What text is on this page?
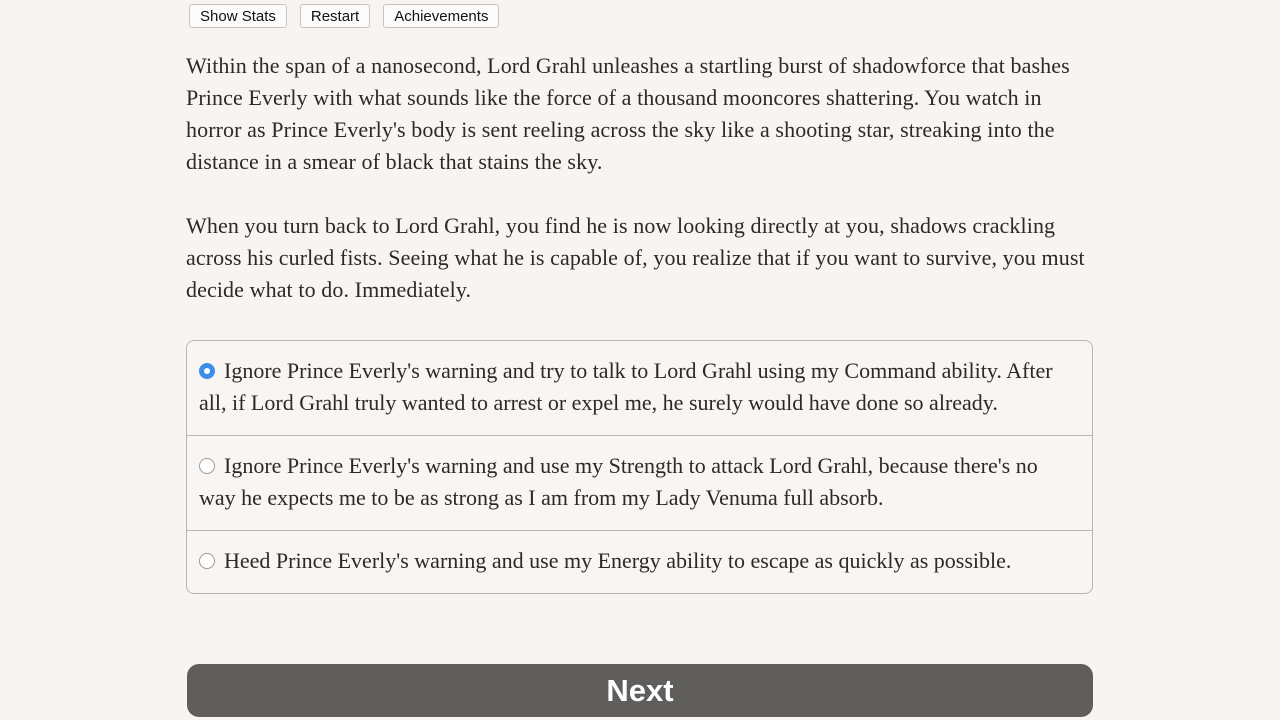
Show Stats	Restart	Achievements

Within the span of a nanosecond, Lord Grahl unleashes a startling burst of shadowforce that bashes Prince Everly with what sounds like the force of a thousand mooncores shattering. You watch in horror as Prince Everly's body is sent reeling across the sky like a shooting star, streaking into the distance in a smear of black that stains the sky.

When you turn back to Lord Grahl, you find he is now looking directly at you, shadows crackling across his curled fists. Seeing what he is capable of, you realize that if you want to survive, you must decide what to do. Immediately.

Ignore Prince Everly's warning and try to talk to Lord Grahl using my Command ability. After all, if Lord Grahl truly wanted to arrest or expel me, he surely would have done so already.
Ignore Prince Everly's warning and use my Strength to attack Lord Grahl, because there's no way he expects me to be as strong as I am from my Lady Venuma full absorb.
Heed Prince Everly's warning and use my Energy ability to escape as quickly as possible.
Next
